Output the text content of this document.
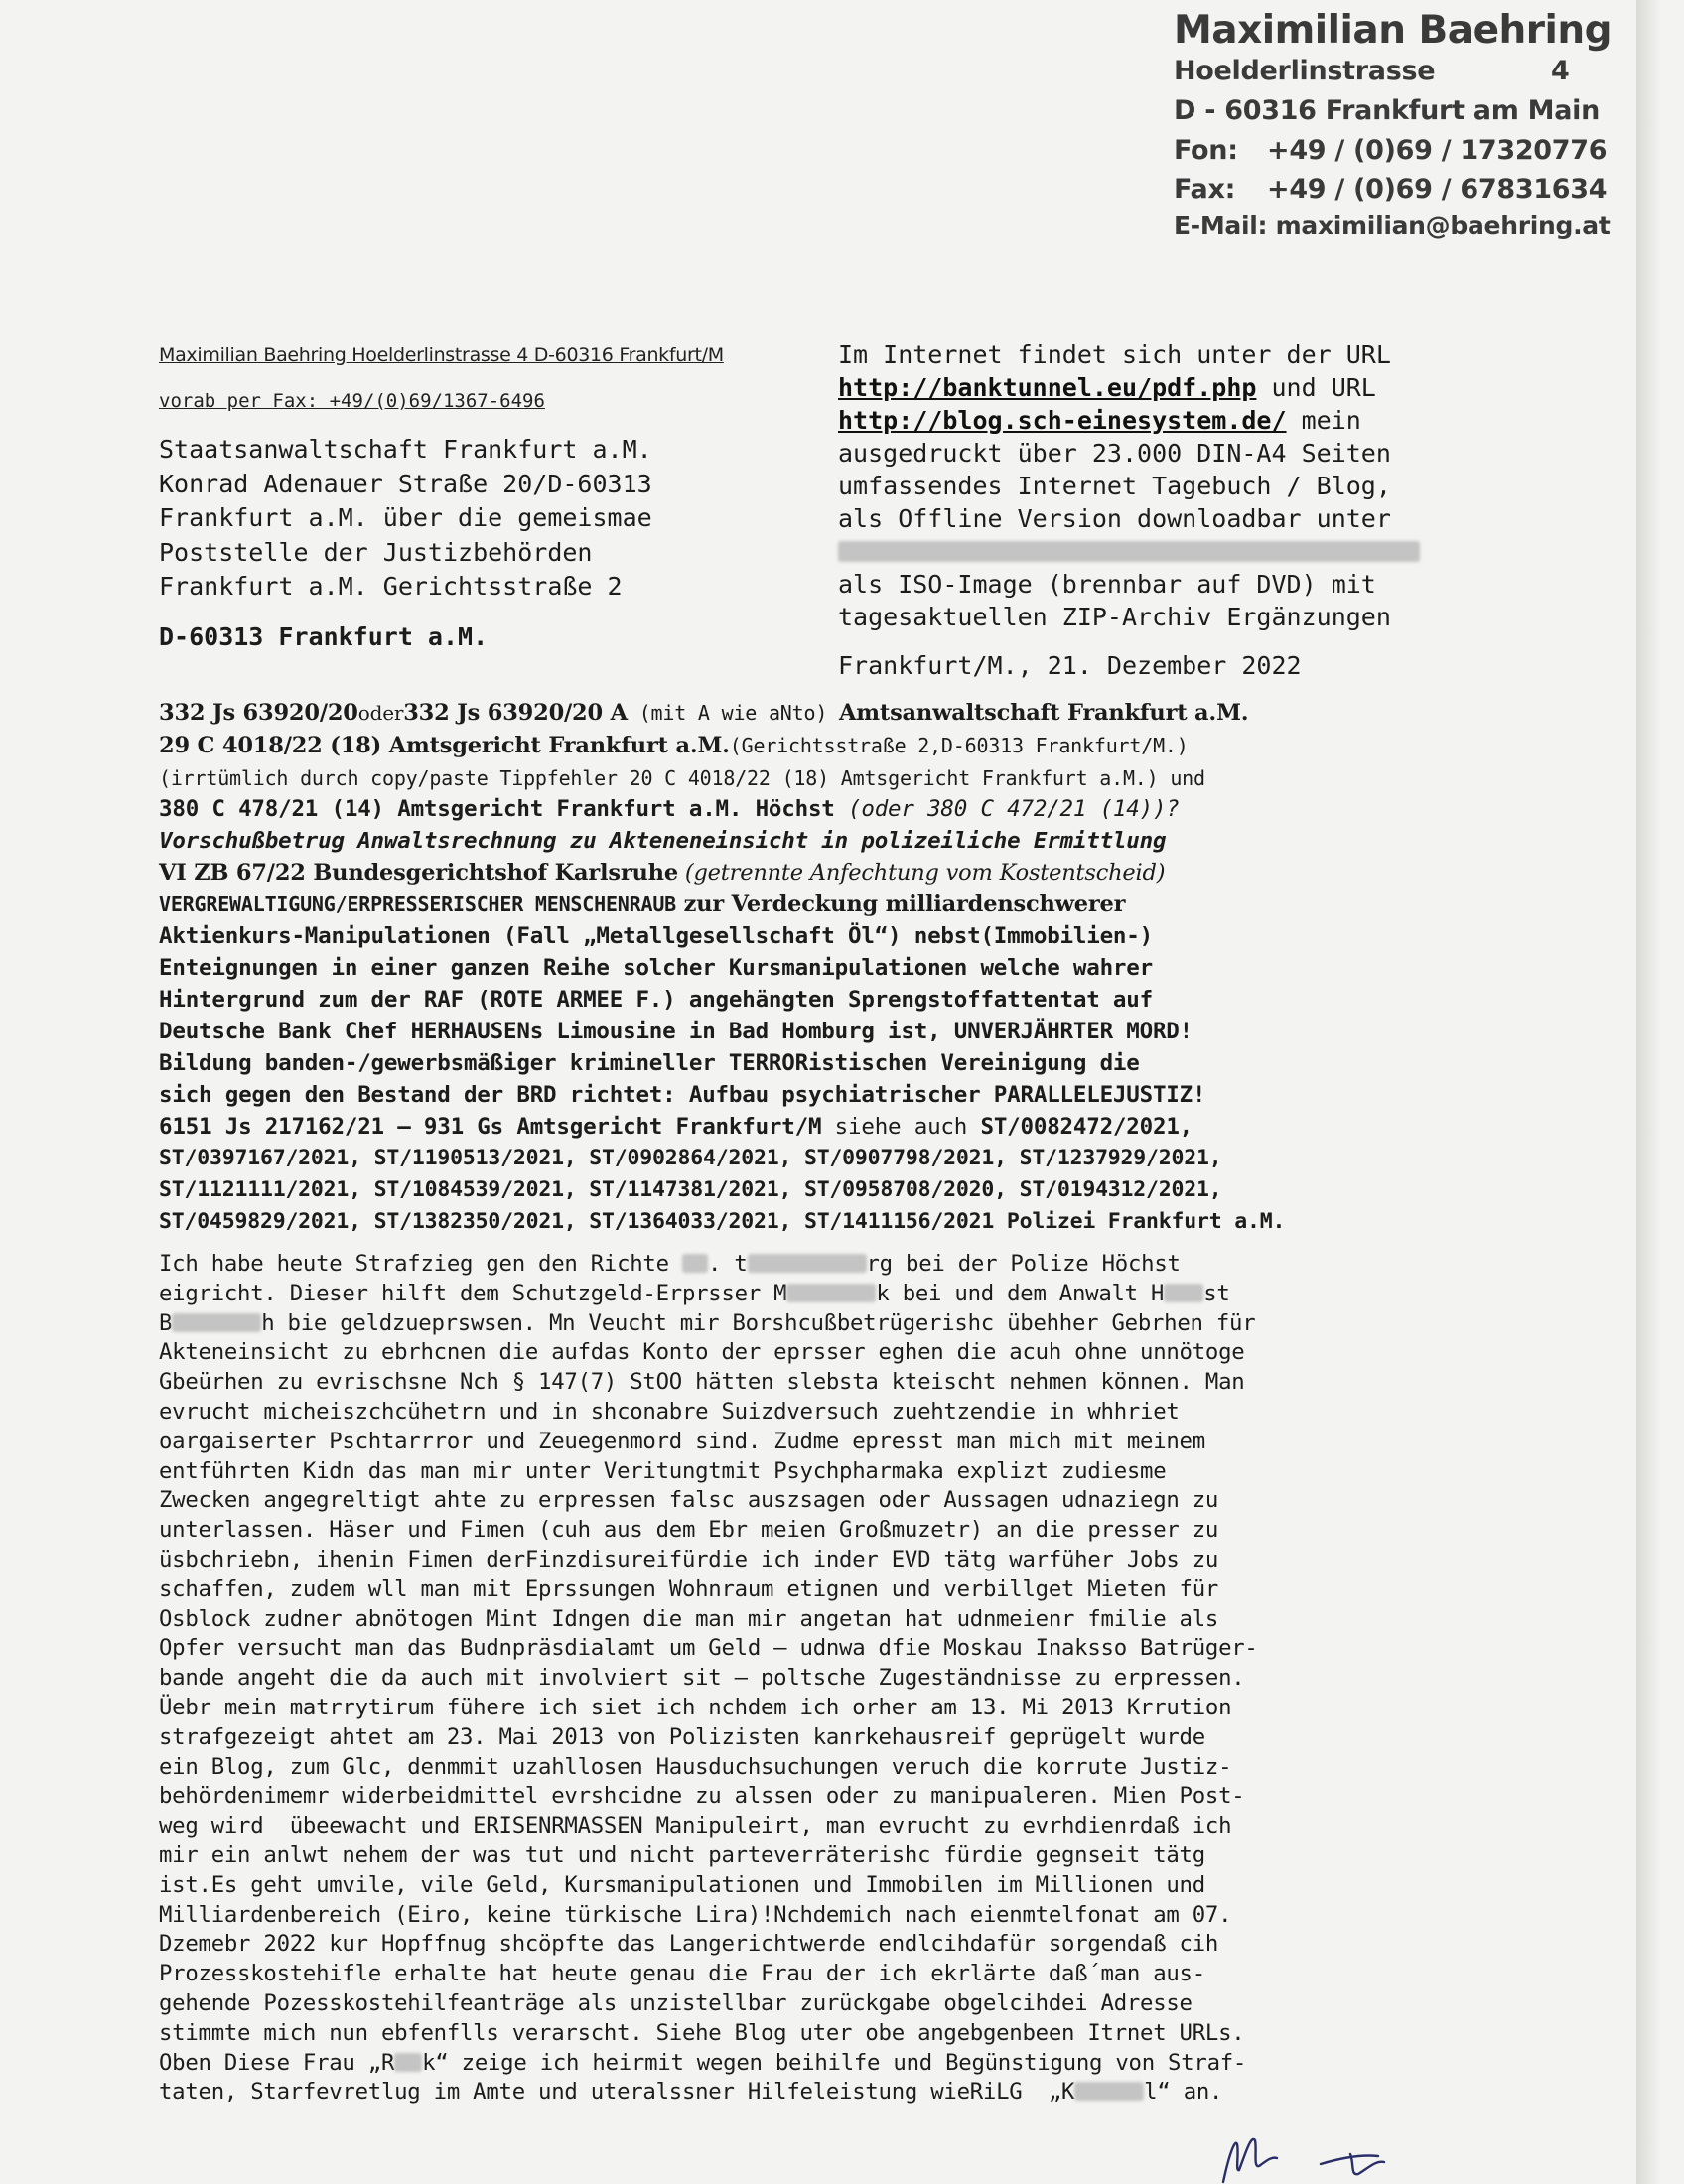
Maximilian Baehring
Hoelderlinstrasse	4
D - 60316 Frankfurt am Main
Fon: +49 / (0)69 / 17320776
Fax: +49 / (0)69 / 67831634
E-Mail: maximilian@baehring.at
Maximilian Baehring Hoelderlinstrasse 4 D-60316 Frankfurt/M
vorab per Fax: +49/(0)69/1367-6496
Staatsanwaltschaft Frankfurt a.M.
Konrad Adenauer Straße 20/D-60313
Frankfurt a.M. über die gemeismae
Poststelle der Justizbehörden
Frankfurt a.M. Gerichtsstraße 2
D-60313 Frankfurt a.M.
Im Internet findet sich unter der URL
http://banktunnel.eu/pdf.php und URL
http://blog.sch-einesystem.de/ mein
ausgedruckt über 23.000 DIN-A4 Seiten
umfassendes Internet Tagebuch / Blog,
als Offline Version downloadbar unter
als ISO-Image (brennbar auf DVD) mit
tagesaktuellen ZIP-Archiv Ergänzungen
Frankfurt/M., 21. Dezember 2022
332 Js 63920/20oder332 Js 63920/20 A (mit A wie aNto) Amtsanwaltschaft Frankfurt a.M.
29 C 4018/22 (18) Amtsgericht Frankfurt a.M.(Gerichtsstraße 2,D-60313 Frankfurt/M.)
(irrtümlich durch copy/paste Tippfehler 20 C 4018/22 (18) Amtsgericht Frankfurt a.M.) und
380 C 478/21 (14) Amtsgericht Frankfurt a.M. Höchst (oder 380 C 472/21 (14))?
Vorschußbetrug Anwaltsrechnung zu Akteneneinsicht in polizeiliche Ermittlung
VI ZB 67/22 Bundesgerichtshof Karlsruhe (getrennte Anfechtung vom Kostentscheid)
VERGREWALTIGUNG/ERPRESSERISCHER MENSCHENRAUB zur Verdeckung milliardenschwerer
Aktienkurs-Manipulationen (Fall „Metallgesellschaft Öl“) nebst(Immobilien-)
Enteignungen in einer ganzen Reihe solcher Kursmanipulationen welche wahrer
Hintergrund zum der RAF (ROTE ARMEE F.) angehängten Sprengstoffattentat auf
Deutsche Bank Chef HERHAUSENs Limousine in Bad Homburg ist, UNVERJÄHRTER MORD!
Bildung banden-/gewerbsmäßiger krimineller TERRORistischen Vereinigung die
sich gegen den Bestand der BRD richtet: Aufbau psychiatrischer PARALLELEJUSTIZ!
6151 Js 217162/21 – 931 Gs Amtsgericht Frankfurt/M siehe auch ST/0082472/2021,
ST/0397167/2021, ST/1190513/2021, ST/0902864/2021, ST/0907798/2021, ST/1237929/2021,
ST/1121111/2021, ST/1084539/2021, ST/1147381/2021, ST/0958708/2020, ST/0194312/2021,
ST/0459829/2021, ST/1382350/2021, ST/1364033/2021, ST/1411156/2021 Polizei Frankfurt a.M.
Ich habe heute Strafzieg gen den Richte . t	rg bei der Polize Höchst
eigricht. Dieser hilft dem Schutzgeld-Erprsser M	k bei und dem Anwalt H st
B	h bie geldzueprswsen. Mn Veucht mir Borshcußbetrügerishc übehher Gebrhen für
Akteneinsicht zu ebrhcnen die aufdas Konto der eprsser eghen die acuh ohne unnötoge
Gbeürhen zu evrischsne Nch § 147(7) StOO hätten slebsta kteischt nehmen können. Man
evrucht micheiszchcühetrn und in shconabre Suizdversuch zuehtzendie in whhriet
oargaiserter Pschtarrror und Zeuegenmord sind. Zudme epresst man mich mit meinem
entführten Kidn das man mir unter Veritungtmit Psychpharmaka explizt zudiesme
Zwecken angegreltigt ahte zu erpressen falsc auszsagen oder Aussagen udnaziegn zu
unterlassen. Häser und Fimen (cuh aus dem Ebr meien Großmuzetr) an die presser zu
üsbchriebn, ihenin Fimen derFinzdisureifürdie ich inder EVD tätg warfüher Jobs zu
schaffen, zudem wll man mit Eprssungen Wohnraum etignen und verbillget Mieten für
Osblock zudner abnötogen Mint Idngen die man mir angetan hat udnmeienr fmilie als
Opfer versucht man das Budnpräsdialamt um Geld – udnwa dfie Moskau Inaksso Batrüger-
bande angeht die da auch mit involviert sit – poltsche Zugeständnisse zu erpressen.
Üebr mein matrrytirum fühere ich siet ich nchdem ich orher am 13. Mi 2013 Krrution
strafgezeigt ahtet am 23. Mai 2013 von Polizisten kanrkehausreif geprügelt wurde
ein Blog, zum Glc, denmmit uzahllosen Hausduchsuchungen veruch die korrute Justiz-
behördenimemr widerbeidmittel evrshcidne zu alssen oder zu manipualeren. Mien Post-
weg wird  übeewacht und ERISENRMASSEN Manipuleirt, man evrucht zu evrhdienrdaß ich
mir ein anlwt nehem der was tut und nicht parteverräterishc fürdie gegnseit tätg
ist.Es geht umvile, vile Geld, Kursmanipulationen und Immobilen im Millionen und
Milliardenbereich (Eiro, keine türkische Lira)!Nchdemich nach eienmtelfonat am 07.
Dzemebr 2022 kur Hopffnug shcöpfte das Langerichtwerde endlcihdafür sorgendaß cih
Prozesskostehifle erhalte hat heute genau die Frau der ich ekrlärte daß´man aus-
gehende Pozesskostehilfeanträge als unzistellbar zurückgabe obgelcihdei Adresse
stimmte mich nun ebfenflls verarscht. Siehe Blog uter obe angebgenbeen Itrnet URLs.
Oben Diese Frau „R k“ zeige ich heirmit wegen beihilfe und Begünstigung von Straf-
taten, Starfevretlug im Amte und uteralssner Hilfeleistung wieRiLG  „K	l“ an.
